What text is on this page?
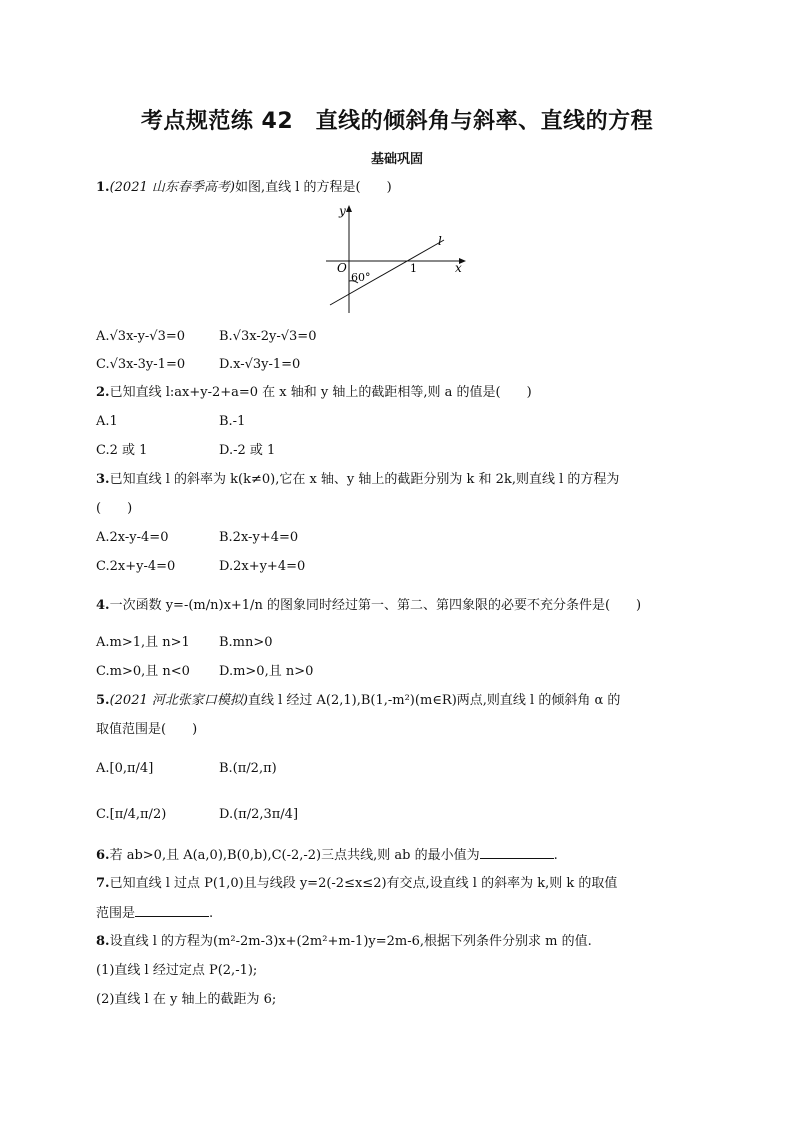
考点规范练 42　直线的倾斜角与斜率、直线的方程
基础巩固
1.(2021 山东春季高考)如图,直线 l 的方程是(　　)
y
x
O
l
1
60°
A.√3x-y-√3=0	B.√3x-2y-√3=0
C.√3x-3y-1=0	D.x-√3y-1=0
2.已知直线 l:ax+y-2+a=0 在 x 轴和 y 轴上的截距相等,则 a 的值是(　　)
A.1	B.-1
C.2 或 1	D.-2 或 1
3.已知直线 l 的斜率为 k(k≠0),它在 x 轴、y 轴上的截距分别为 k 和 2k,则直线 l 的方程为
(　　)
A.2x-y-4=0	B.2x-y+4=0
C.2x+y-4=0	D.2x+y+4=0
4.一次函数 y=-(m/n)x+1/n 的图象同时经过第一、第二、第四象限的必要不充分条件是(　　)
A.m>1,且 n>1 B.mn>0
C.m>0,且 n<0 D.m>0,且 n>0
5.(2021 河北张家口模拟)直线 l 经过 A(2,1),B(1,-m²)(m∈R)两点,则直线 l 的倾斜角 α 的
取值范围是(　　)
A.[0,π/4]	B.(π/2,π)
C.[π/4,π/2)	D.(π/2,3π/4]
6.若 ab>0,且 A(a,0),B(0,b),C(-2,-2)三点共线,则 ab 的最小值为	.
7.已知直线 l 过点 P(1,0)且与线段 y=2(-2≤x≤2)有交点,设直线 l 的斜率为 k,则 k 的取值
范围是	.
8.设直线 l 的方程为(m²-2m-3)x+(2m²+m-1)y=2m-6,根据下列条件分别求 m 的值.
(1)直线 l 经过定点 P(2,-1);
(2)直线 l 在 y 轴上的截距为 6;
